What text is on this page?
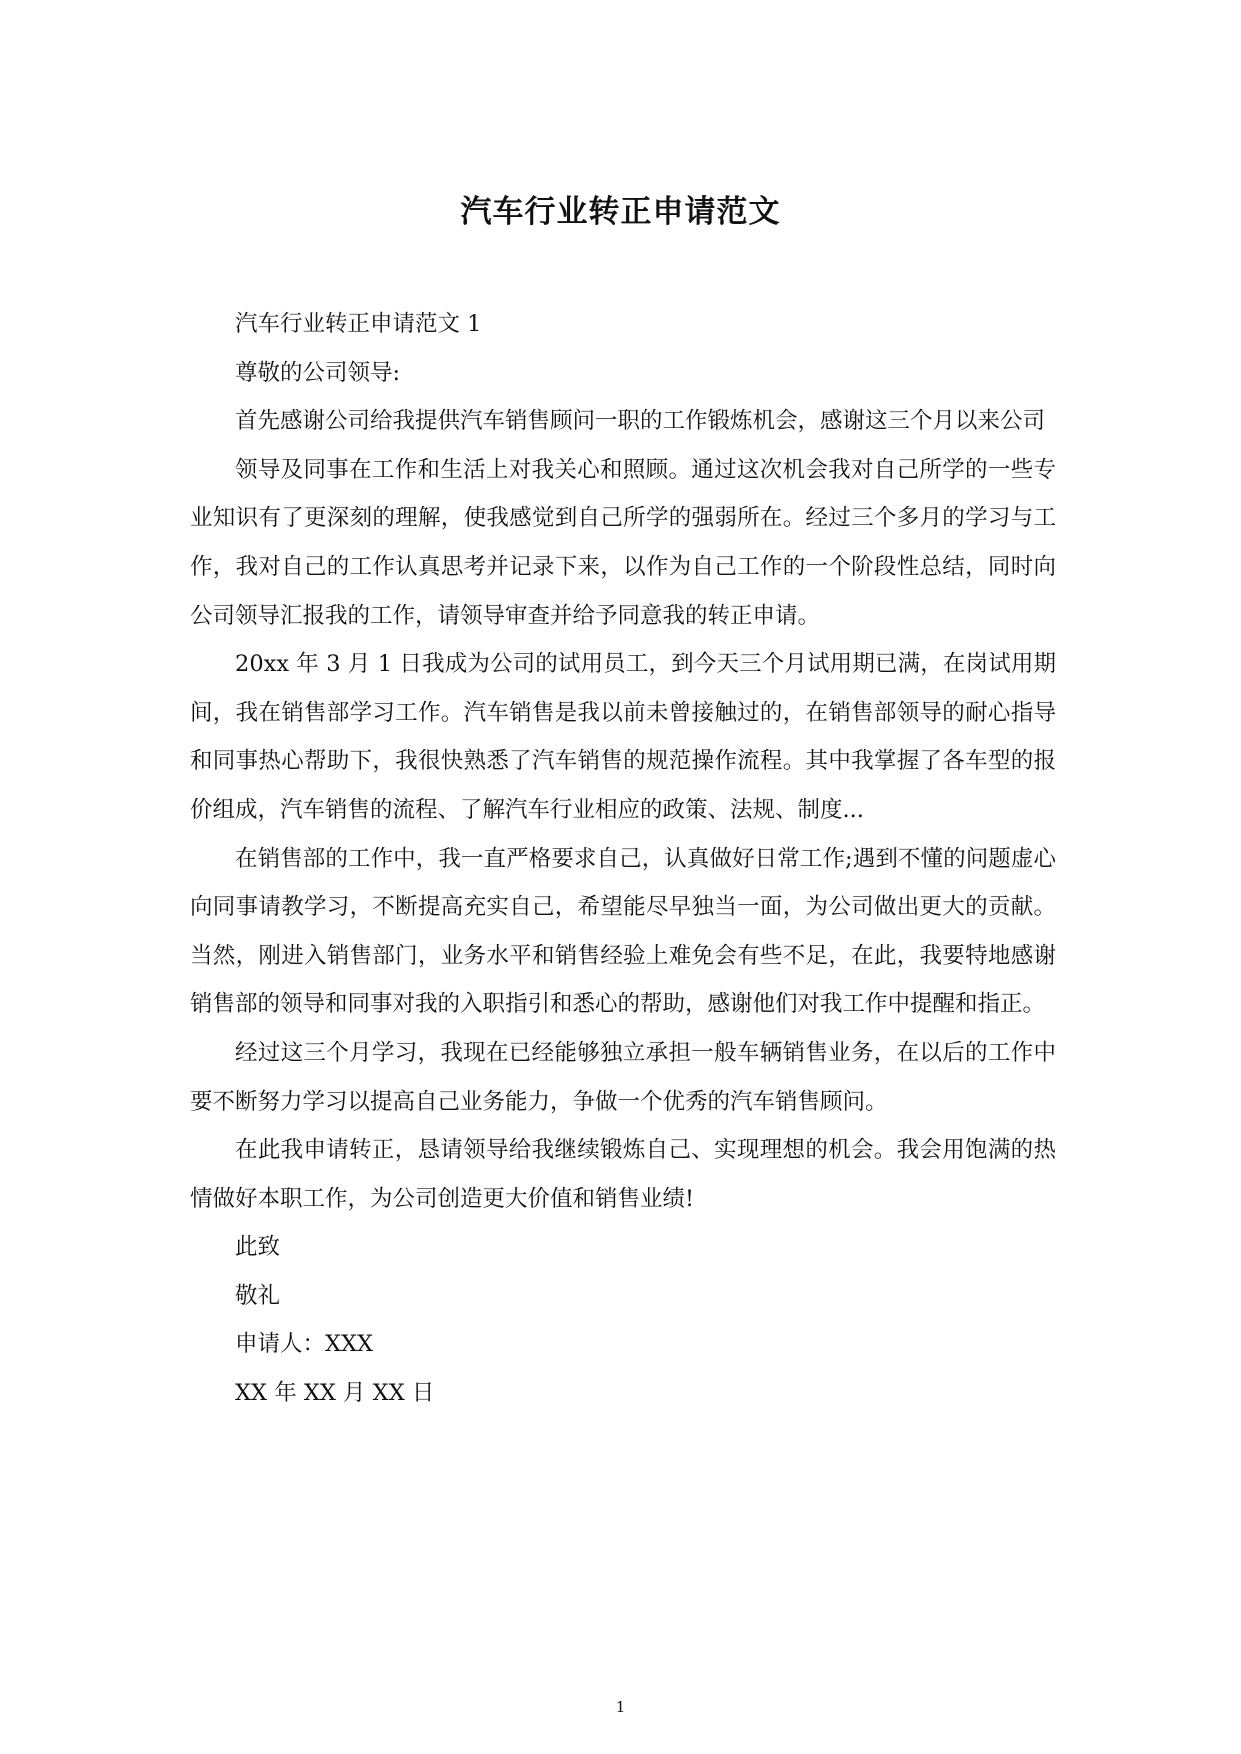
汽车行业转正申请范文

汽车行业转正申请范文 1

尊敬的公司领导:

首先感谢公司给我提供汽车销售顾问一职的工作锻炼机会，感谢这三个月以来公司

领导及同事在工作和生活上对我关心和照顾。通过这次机会我对自己所学的一些专业知识有了更深刻的理解，使我感觉到自己所学的强弱所在。经过三个多月的学习与工作，我对自己的工作认真思考并记录下来，以作为自己工作的一个阶段性总结，同时向公司领导汇报我的工作，请领导审查并给予同意我的转正申请。

20xx 年 3 月 1 日我成为公司的试用员工，到今天三个月试用期已满，在岗试用期间，我在销售部学习工作。汽车销售是我以前未曾接触过的，在销售部领导的耐心指导和同事热心帮助下，我很快熟悉了汽车销售的规范操作流程。其中我掌握了各车型的报价组成，汽车销售的流程、了解汽车行业相应的政策、法规、制度...

在销售部的工作中，我一直严格要求自己，认真做好日常工作;遇到不懂的问题虚心向同事请教学习，不断提高充实自己，希望能尽早独当一面，为公司做出更大的贡献。当然，刚进入销售部门，业务水平和销售经验上难免会有些不足，在此，我要特地感谢销售部的领导和同事对我的入职指引和悉心的帮助，感谢他们对我工作中提醒和指正。

经过这三个月学习，我现在已经能够独立承担一般车辆销售业务，在以后的工作中要不断努力学习以提高自己业务能力，争做一个优秀的汽车销售顾问。

在此我申请转正，恳请领导给我继续锻炼自己、实现理想的机会。我会用饱满的热情做好本职工作，为公司创造更大价值和销售业绩!

此致

敬礼

申请人：XXX

XX 年 XX 月 XX 日

1
